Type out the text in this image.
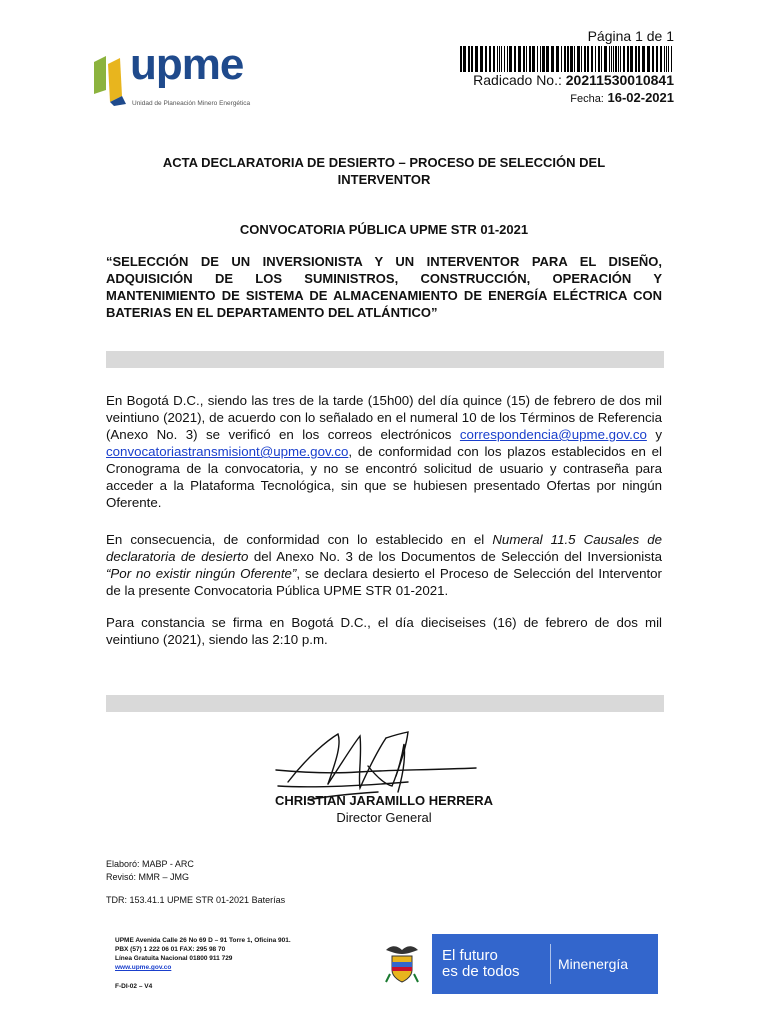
upme
Unidad de Planeación Minero Energética
Página 1 de 1
Radicado No.: 20211530010841
Fecha: 16-02-2021
ACTA DECLARATORIA DE DESIERTO – PROCESO DE SELECCIÓN DEL
INTERVENTOR
CONVOCATORIA PÚBLICA UPME STR 01-2021
“SELECCIÓN DE UN INVERSIONISTA Y UN INTERVENTOR PARA EL DISEÑO, ADQUISICIÓN DE LOS SUMINISTROS, CONSTRUCCIÓN, OPERACIÓN Y MANTENIMIENTO DE SISTEMA DE ALMACENAMIENTO DE ENERGÍA ELÉCTRICA CON BATERIAS EN EL DEPARTAMENTO DEL ATLÁNTICO”
En Bogotá D.C., siendo las tres de la tarde (15h00) del día quince (15) de febrero de dos mil veintiuno (2021), de acuerdo con lo señalado en el numeral 10 de los Términos de Referencia (Anexo No. 3) se verificó en los correos electrónicos correspondencia@upme.gov.co y convocatoriastransmisiont@upme.gov.co, de conformidad con los plazos establecidos en el Cronograma de la convocatoria, y no se encontró solicitud de usuario y contraseña para acceder a la Plataforma Tecnológica, sin que se hubiesen presentado Ofertas por ningún Oferente.
En consecuencia, de conformidad con lo establecido en el Numeral 11.5 Causales de declaratoria de desierto del Anexo No. 3 de los Documentos de Selección del Inversionista “Por no existir ningún Oferente”, se declara desierto el Proceso de Selección del Interventor de la presente Convocatoria Pública UPME STR 01-2021.
Para constancia se firma en Bogotá D.C., el día dieciseises (16) de febrero de dos mil veintiuno (2021), siendo las 2:10 p.m.
CHRISTIAN JARAMILLO HERRERA
Director General
Elaboró: MABP - ARC
Revisó: MMR – JMG
TDR: 153.41.1 UPME STR 01-2021 Baterías
UPME Avenida Calle 26 No 69 D – 91 Torre 1, Oficina 901.
PBX (57) 1 222 06 01 FAX: 295 98 70
Línea Gratuita Nacional 01800 911 729
www.upme.gov.co
F-DI-02 – V4
El futuro
es de todos	Minenergía
